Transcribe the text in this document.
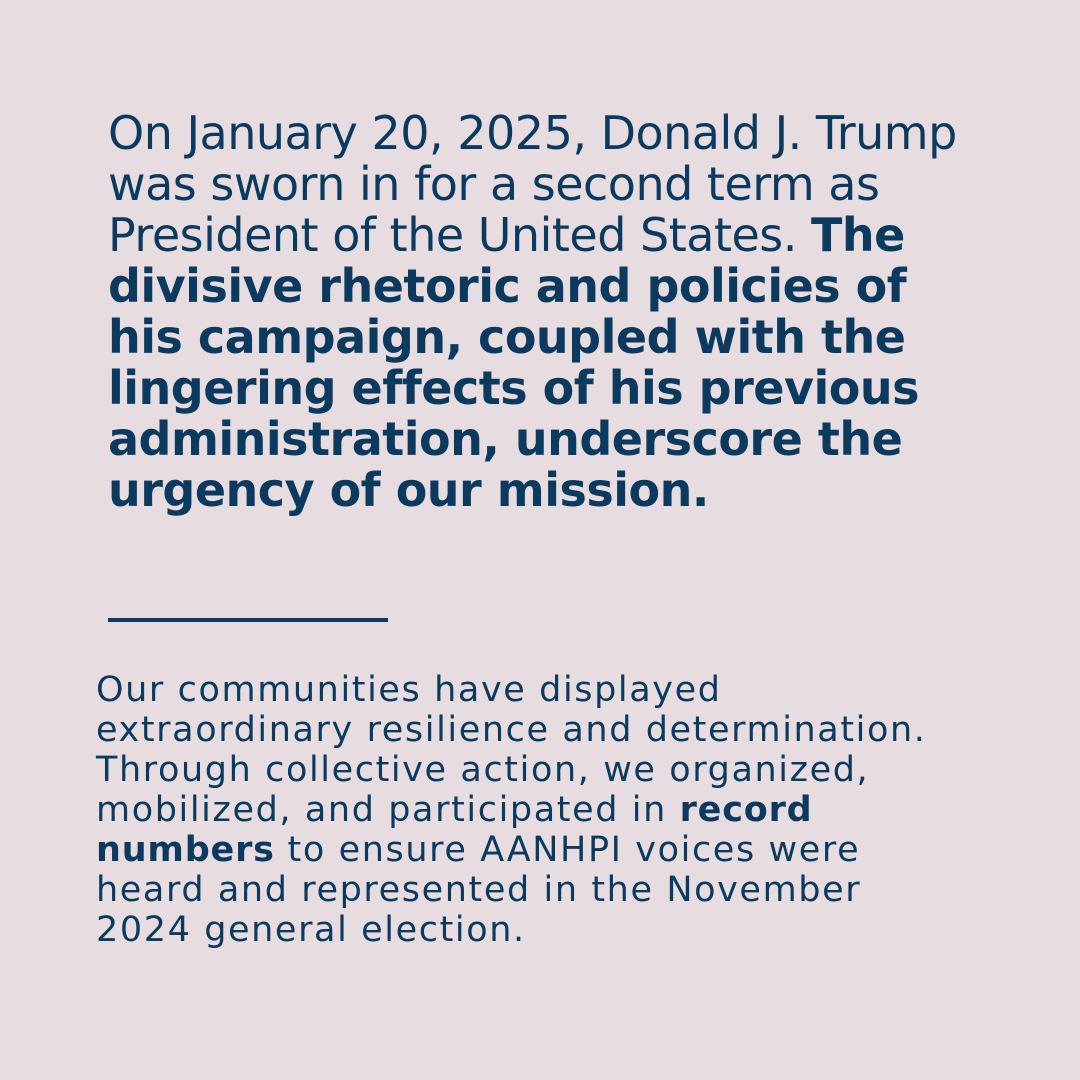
On January 20, 2025, Donald J. Trump was sworn in for a second term as President of the United States. The divisive rhetoric and policies of his campaign, coupled with the lingering effects of his previous administration, underscore the urgency of our mission.

Our communities have displayed extraordinary resilience and determination. Through collective action, we organized, mobilized, and participated in record numbers to ensure AANHPI voices were heard and represented in the November 2024 general election.
